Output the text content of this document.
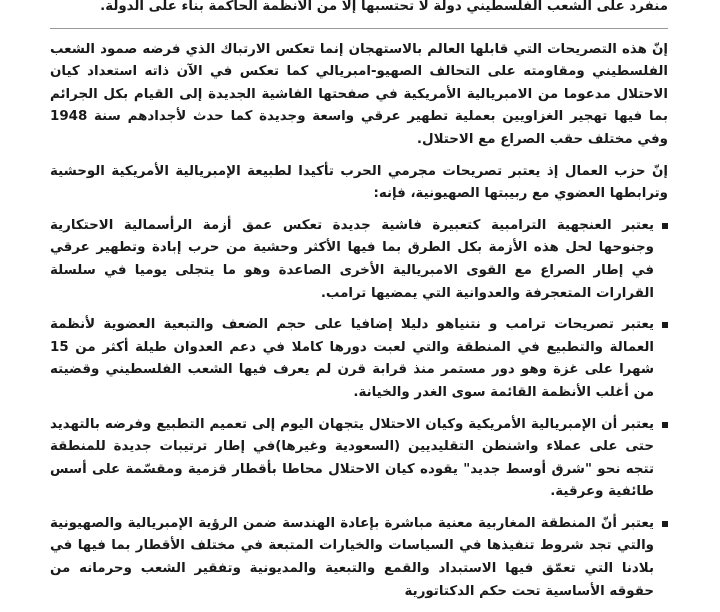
منفرد على الشعب الفلسطيني دولة لا تحتسبها إلا من الأنظمة الحاكمة بناء على الدولة.

إنّ هذه التصريحات التي قابلها العالم بالاستهجان إنما تعكس الارتباك الذي فرضه صمود الشعب الفلسطيني ومقاومته على التحالف الصهيو-امبريالي كما تعكس في الآن ذاته استعداد كيان الاحتلال مدعوما من الامبريالية الأمريكية في صفحتها الفاشية الجديدة إلى القيام بكل الجرائم بما فيها تهجير الغزاويين بعملية تطهير عرقي واسعة وجديدة كما حدث لأجدادهم سنة 1948 وفي مختلف حقب الصراع مع الاحتلال.

إنّ حزب العمال إذ يعتبر تصريحات مجرمي الحرب تأكيدا لطبيعة الإمبريالية الأمريكية الوحشية وترابطها العضوي مع ربيبتها الصهيونية، فإنه:

يعتبر العنجهية الترامبية كتعبيرة فاشية جديدة تعكس عمق أزمة الرأسمالية الاحتكارية وجنوحها لحل هذه الأزمة بكل الطرق بما فيها الأكثر وحشية من حرب إبادة وتطهير عرقي في إطار الصراع مع القوى الامبريالية الأخرى الصاعدة وهو ما يتجلى يوميا في سلسلة القرارات المتعجرفة والعدوانية التي يمضيها ترامب.

يعتبر تصريحات ترامب و نتنياهو دليلا إضافيا على حجم الضعف والتبعية العضوية لأنظمة العمالة والتطبيع في المنطقة والتي لعبت دورها كاملا في دعم العدوان طيلة أكثر من 15 شهرا على غزة وهو دور مستمر منذ قرابة قرن لم يعرف فيها الشعب الفلسطيني وقضيته من أغلب الأنظمة القائمة سوى الغدر والخيانة.

يعتبر أن الإمبريالية الأمريكية وكيان الاحتلال يتجهان اليوم إلى تعميم التطبيع وفرضه بالتهديد حتى على عملاء واشنطن التقليديين (السعودية وغيرها)في إطار ترتيبات جديدة للمنطقة تتجه نحو "شرق أوسط جديد" يقوده كيان الاحتلال محاطا بأقطار قزمية ومقسّمة على أسس طائفية وعرقية.

يعتبر أنّ المنطقة المغاربية معنية مباشرة بإعادة الهندسة ضمن الرؤية الإمبريالية والصهيونية والتي تجد شروط تنفيذها في السياسات والخيارات المتبعة في مختلف الأقطار بما فيها في بلادنا التي تعمّق فيها الاستبداد والقمع والتبعية والمديونية وتفقير الشعب وحرمانه من حقوقه الأساسية تحت حكم الدكتاتورية
